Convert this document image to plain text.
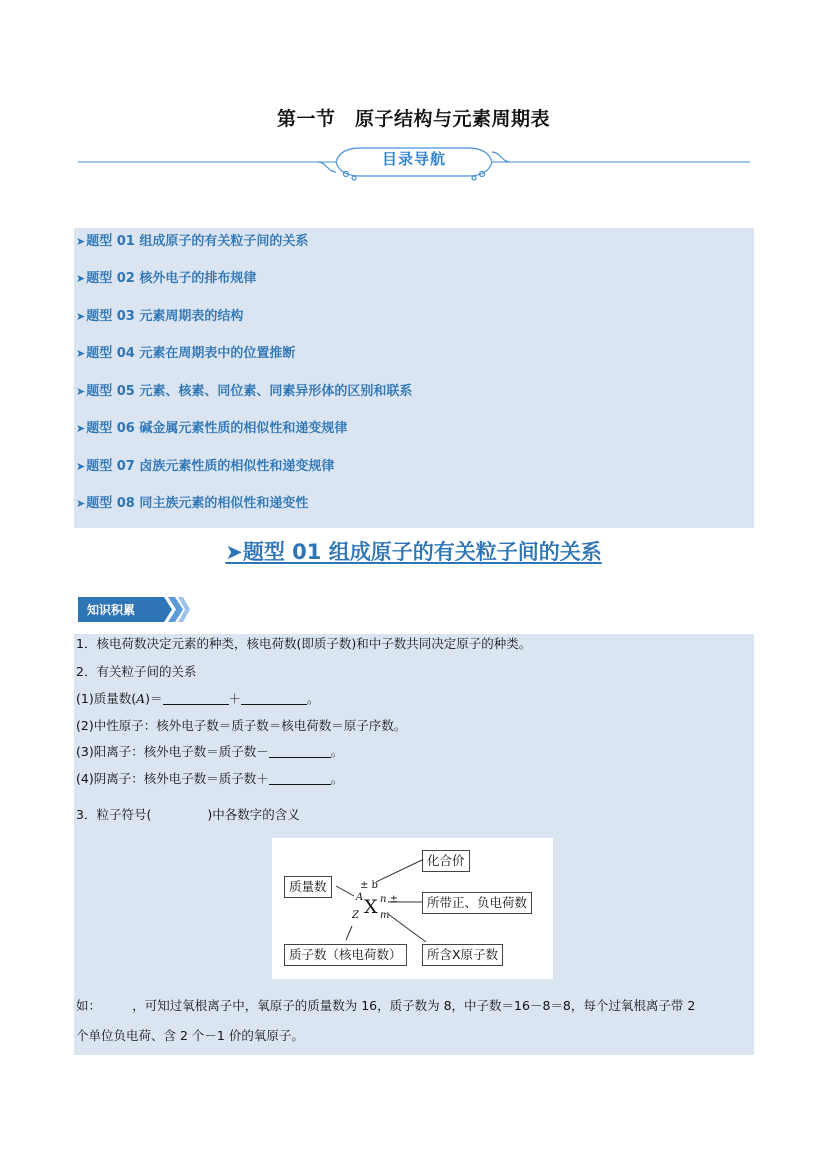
第一节　原子结构与元素周期表
目录导航
➤题型 01 组成原子的有关粒子间的关系
➤题型 02 核外电子的排布规律
➤题型 03 元素周期表的结构
➤题型 04 元素在周期表中的位置推断
➤题型 05 元素、核素、同位素、同素异形体的区别和联系
➤题型 06 碱金属元素性质的相似性和递变规律
➤题型 07 卤族元素性质的相似性和递变规律
➤题型 08 同主族元素的相似性和递变性
➤题型 01 组成原子的有关粒子间的关系
知识积累
1．核电荷数决定元素的种类，核电荷数(即质子数)和中子数共同决定原子的种类。
2．有关粒子间的关系
(1)质量数(A)＝	＋	。
(2)中性原子：核外电子数＝质子数＝核电荷数＝原子序数。
(3)阳离子：核外电子数＝质子数－	。
(4)阴离子：核外电子数＝质子数＋	。
3．粒子符号(	)中各数字的含义
质量数
质子数（核电荷数）
化合价
所带正、负电荷数
所含X原子数
A
Z X
± b
n ±
m
如：　　　，可知过氧根离子中，氧原子的质量数为 16，质子数为 8，中子数＝16－8＝8，每个过氧根离子带 2
个单位负电荷、含 2 个－1 价的氧原子。
